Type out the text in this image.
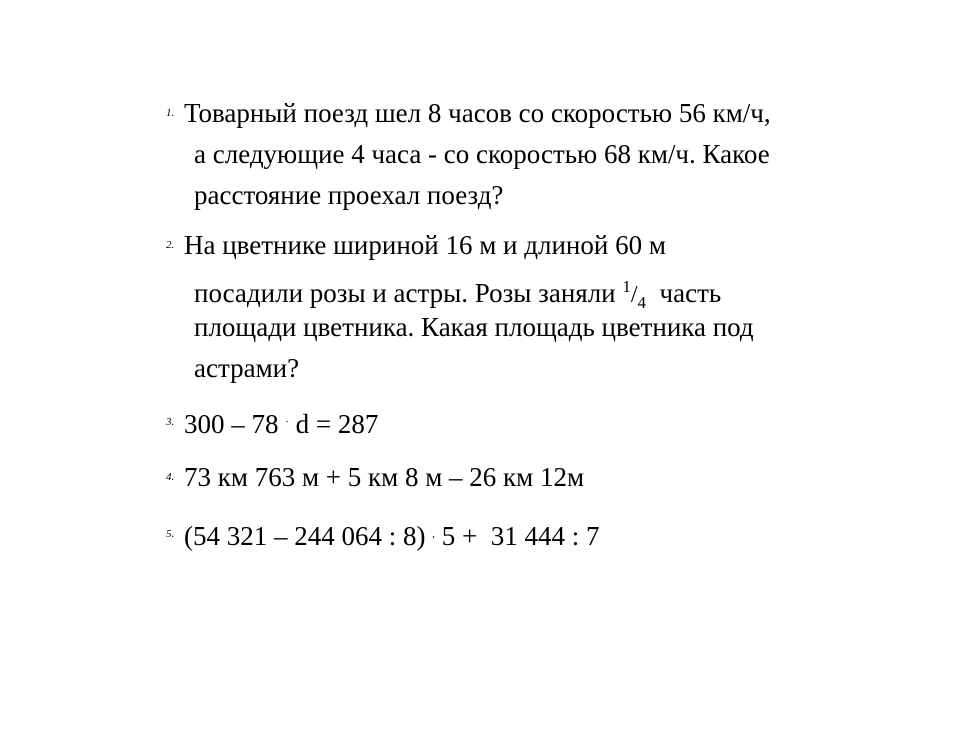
1. Товарный поезд шел 8 часов со скоростью 56 км/ч,
а следующие 4 часа - со скоростью 68 км/ч. Какое
расстояние проехал поезд?
2. На цветнике шириной 16 м и длиной 60 м
посадили розы и астры. Розы заняли 1/4  часть
площади цветника. Какая площадь цветника под
астрами?
3. 300 – 78 · d = 287
4. 73 км 763 м + 5 км 8 м – 26 км 12м
5. (54 321 – 244 064 : 8) , 5 +  31 444 : 7
